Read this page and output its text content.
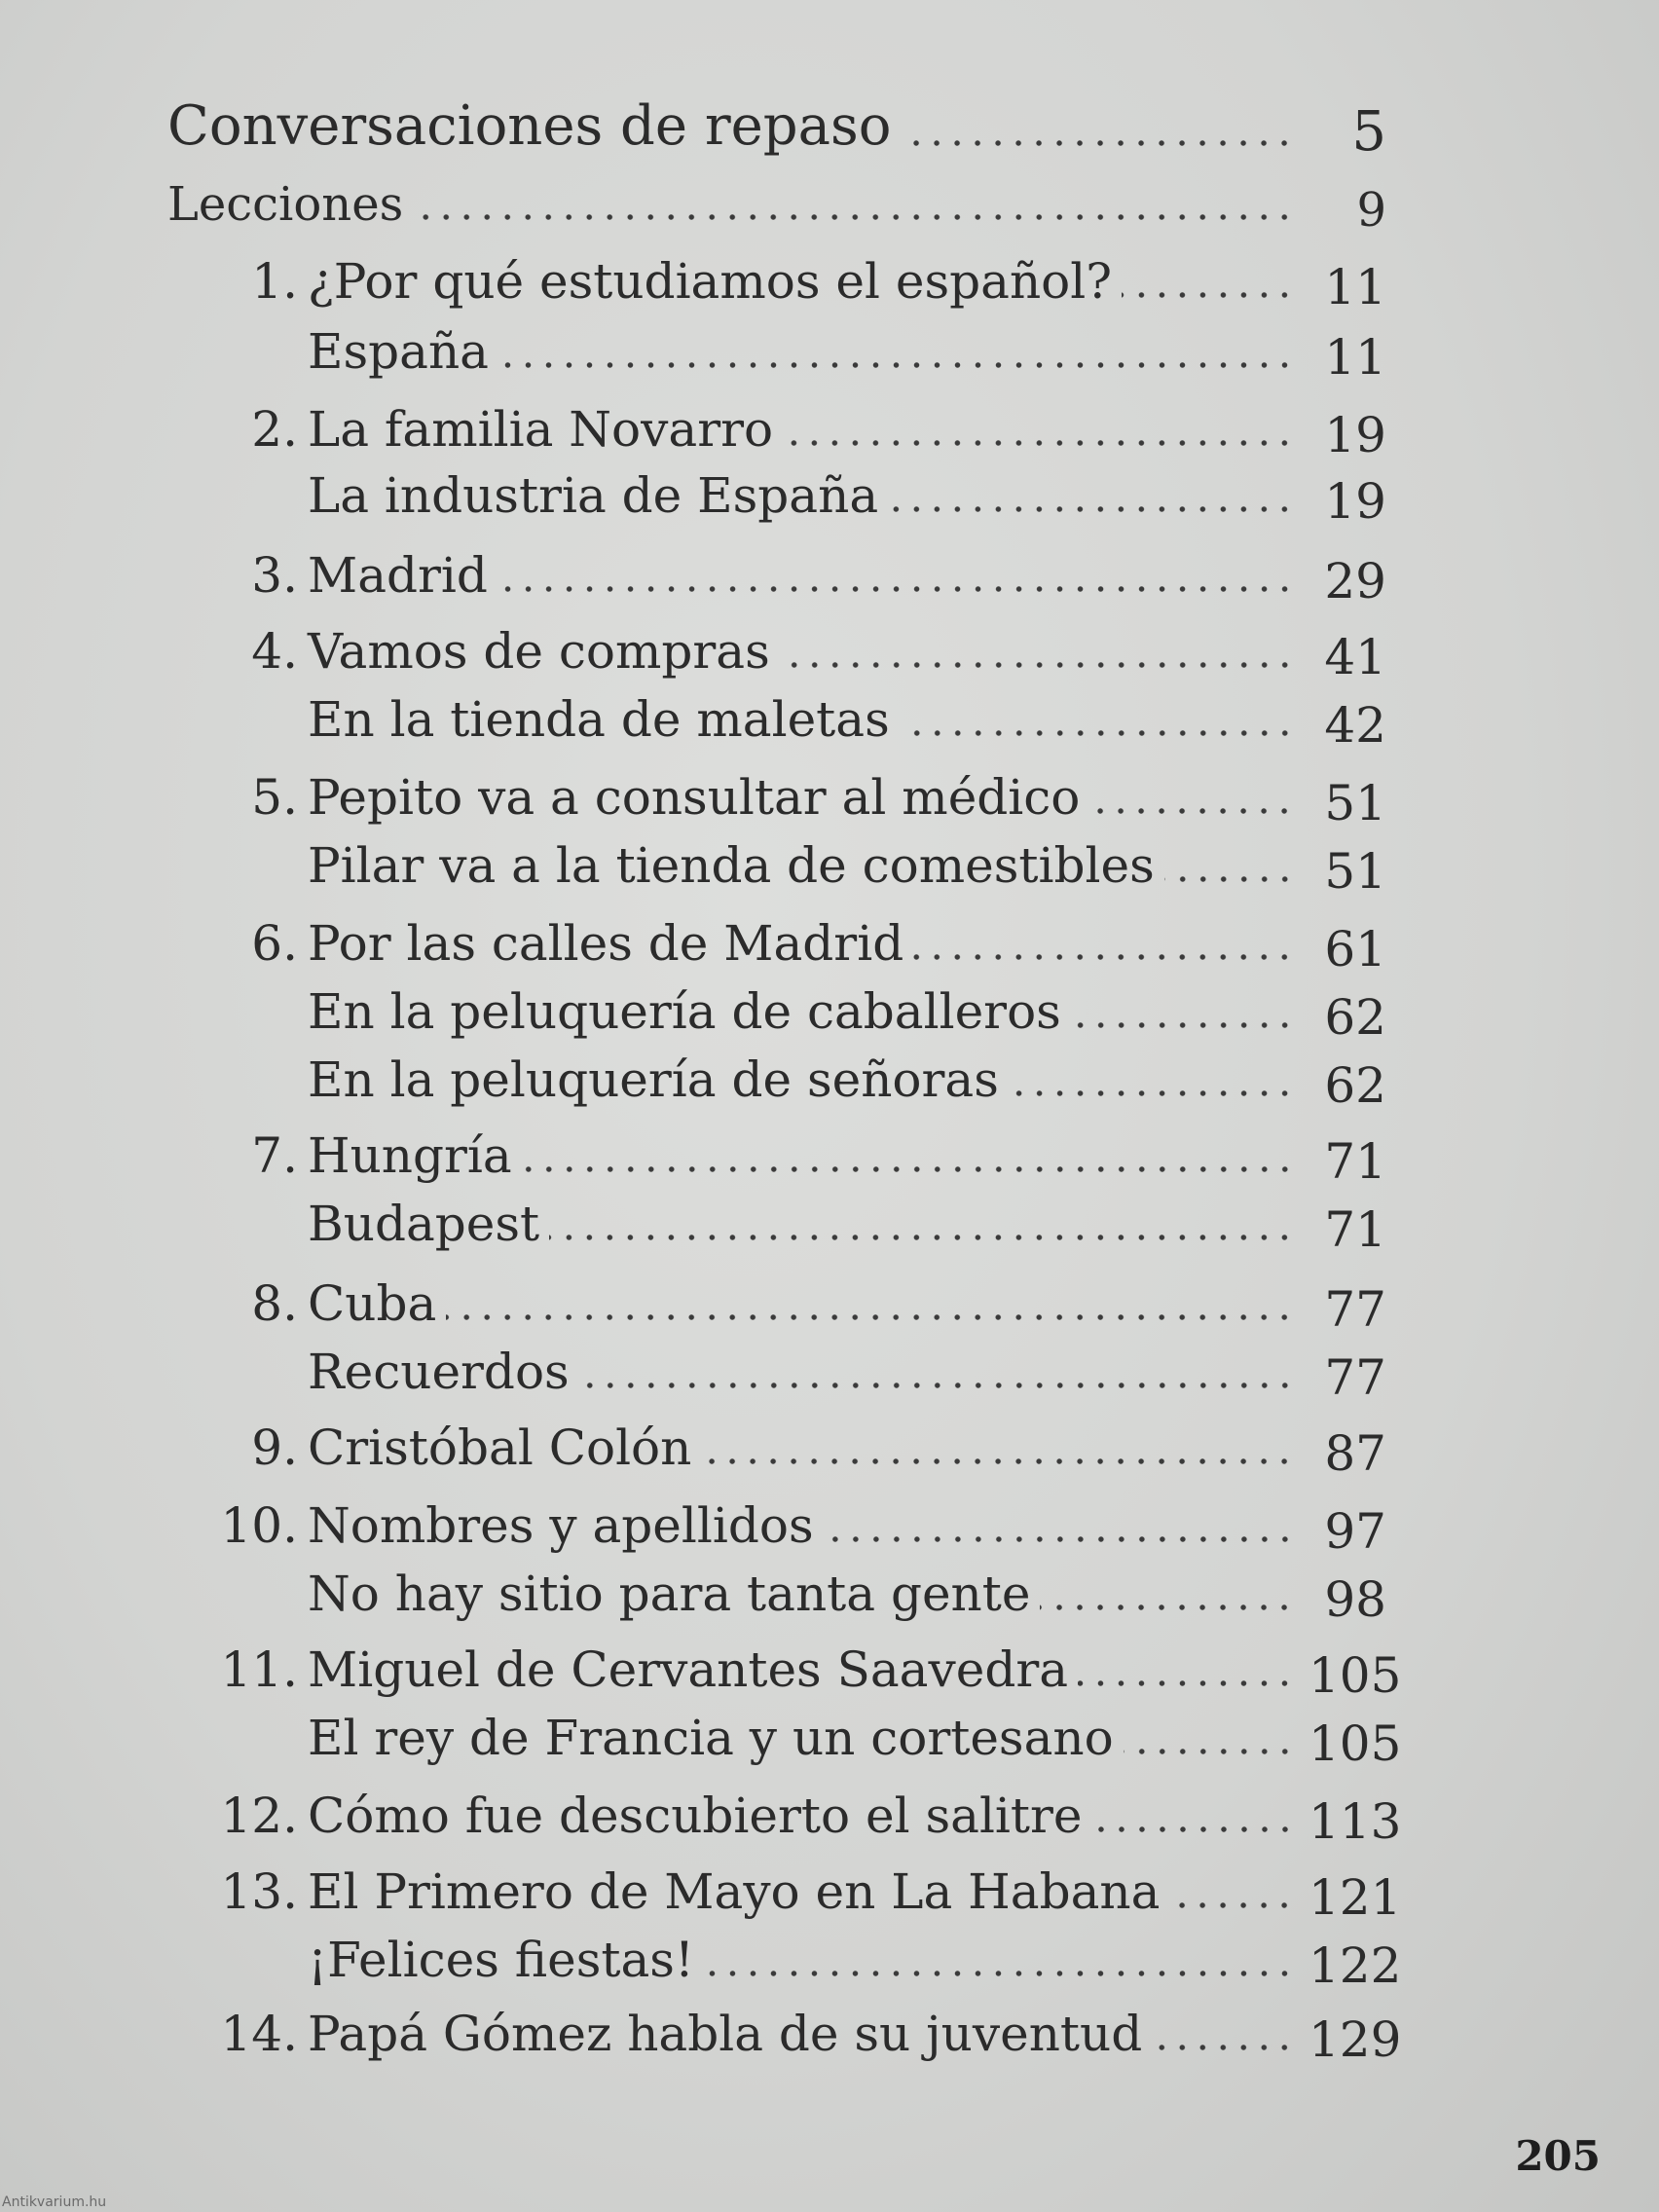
Conversaciones de repaso	5
Lecciones	9
1. ¿Por qué estudiamos el español?	11
España	11
2. La familia Novarro	19
La industria de España	19
3. Madrid	29
4. Vamos de compras	41
En la tienda de maletas	42
5. Pepito va a consultar al médico	51
Pilar va a la tienda de comestibles	51
6. Por las calles de Madrid	61
En la peluquería de caballeros	62
En la peluquería de señoras	62
7. Hungría	71
Budapest	71
8. Cuba	77
Recuerdos	77
9. Cristóbal Colón	87
10. Nombres y apellidos	97
No hay sitio para tanta gente	98
11. Miguel de Cervantes Saavedra	105
El rey de Francia y un cortesano	105
12. Cómo fue descubierto el salitre	113
13. El Primero de Mayo en La Habana	121
¡Felices fiestas!	122
14. Papá Gómez habla de su juventud	129
205
Antikvarium.hu
